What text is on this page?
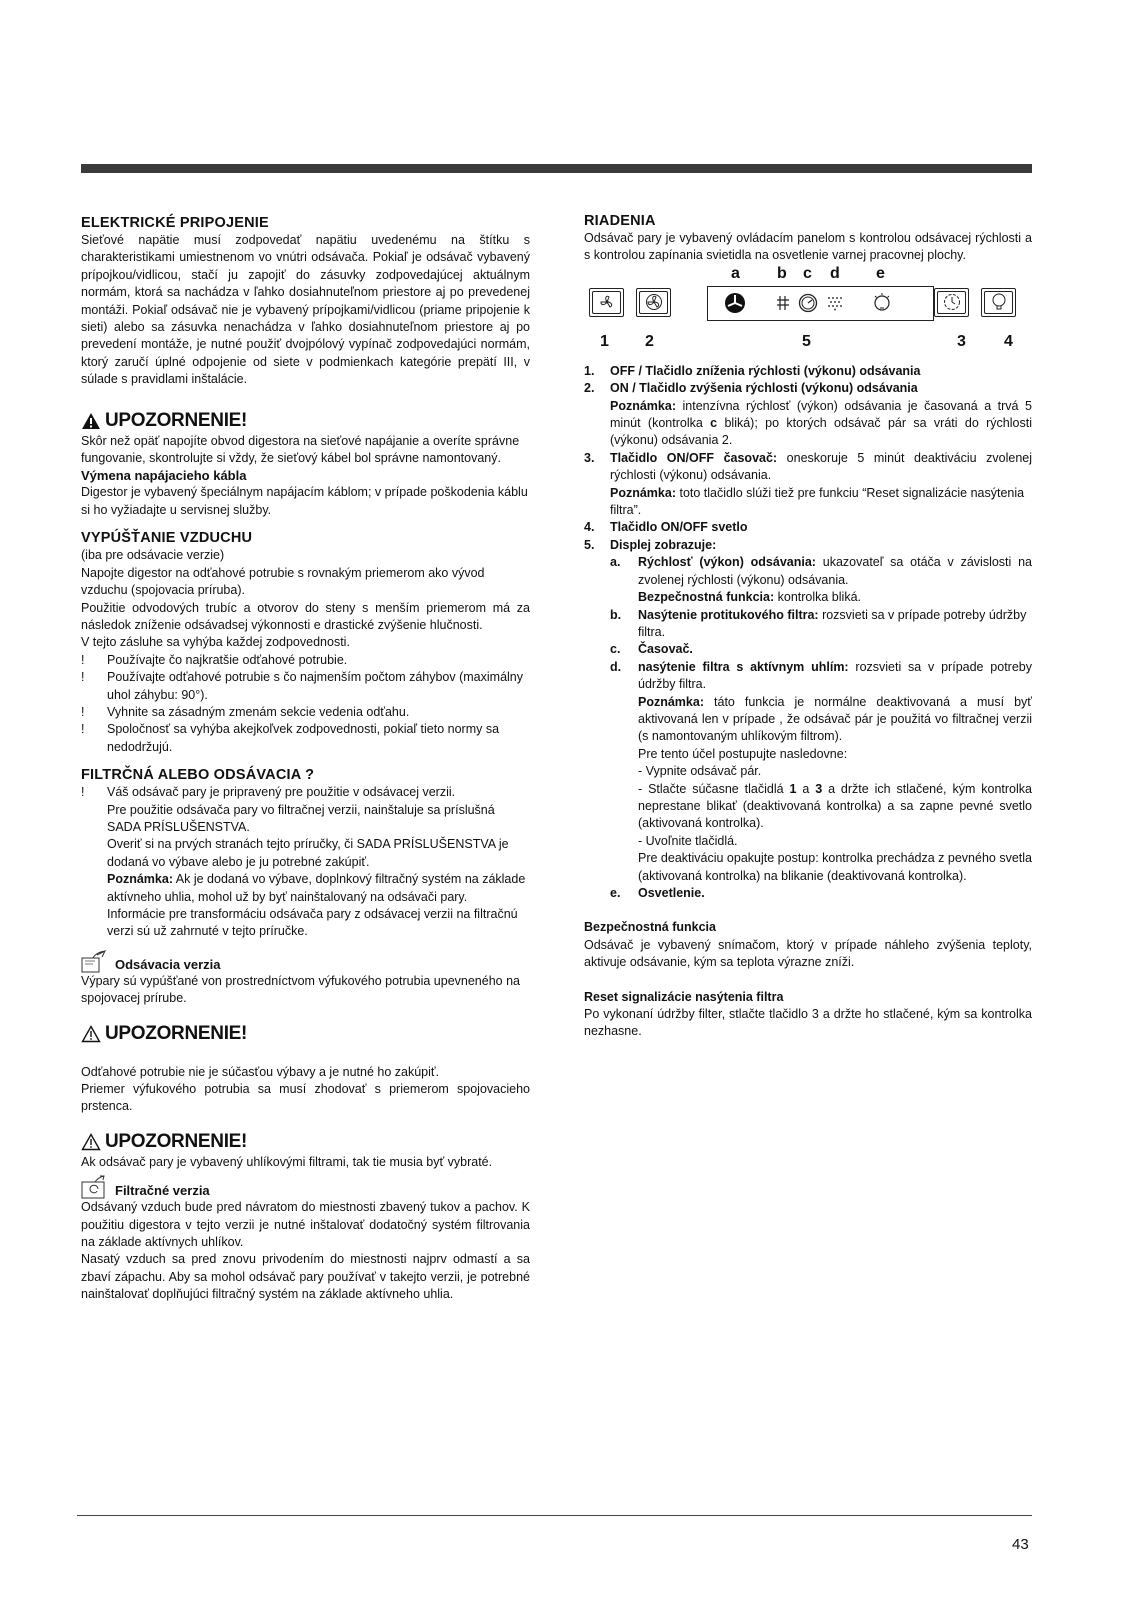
ELEKTRICKÉ PRIPOJENIE

Sieťové napätie musí zodpovedať napätiu uvedenému na štítku s charakteristikami umiestnenom vo vnútri odsávača. Pokiaľ je odsávač vybavený prípojkou/vidlicou, stačí ju zapojiť do zásuvky zodpovedajúcej aktuálnym normám, ktorá sa nachádza v ľahko dosiahnuteľnom priestore aj po prevedenej montáži. Pokiaľ odsávač nie je vybavený prípojkami/vidlicou (priame pripojenie k sieti) alebo sa zásuvka nenachádza v ľahko dosiahnuteľnom priestore aj po prevedení montáže, je nutné použiť dvojpólový vypínač zodpovedajúci normám, ktorý zaručí úplné odpojenie od siete v podmienkach kategórie prepätí III, v súlade s pravidlami inštalácie.

UPOZORNENIE!

Skôr než opäť napojíte obvod digestora na sieťové napájanie a overíte správne fungovanie, skontrolujte si vždy, že sieťový kábel bol správne namontovaný.

Výmena napájacieho kábla

Digestor je vybavený špeciálnym napájacím káblom; v prípade poškodenia káblu si ho vyžiadajte u servisnej služby.

VYPÚŠŤANIE VZDUCHU

(iba pre odsávacie verzie)

Napojte digestor na odťahové potrubie s rovnakým priemerom ako vývod vzduchu (spojovacia príruba).

Použitie odvodových trubíc a otvorov do steny s menším priemerom má za následok zníženie odsávadsej výkonnosti e drastické zvýšenie hlučnosti.

V tejto zásluhe sa vyhýba každej zodpovednosti.

!	Používajte čo najkratšie odťahové potrubie.
!	Používajte odťahové potrubie s čo najmenším počtom záhybov (maximálny uhol záhybu: 90°).
!	Vyhnite sa zásadným zmenám sekcie vedenia odťahu.
!	Spoločnosť sa vyhýba akejkoľvek zodpovednosti, pokiaľ tieto normy sa nedodržujú.
FILTRČNÁ ALEBO ODSÁVACIA ?
!	Váš odsávač pary je pripravený pre použitie v odsávacej verzii.
Pre použitie odsávača pary vo filtračnej verzii, nainštaluje sa príslušná SADA PRÍSLUŠENSTVA.
Overiť si na prvých stranách tejto príručky, či SADA PRÍSLUŠENSTVA je dodaná vo výbave alebo je ju potrebné zakúpiť.
Poznámka: Ak je dodaná vo výbave, doplnkový filtračný systém na základe aktívneho uhlia, mohol už by byť nainštalovaný na odsávači pary.
Informácie pre transformáciu odsávača pary z odsávacej verzii na filtračnú verzi sú už zahrnuté v tejto príručke.
Odsávacia verzia

Výpary sú vypúšťané von prostredníctvom výfukového potrubia upevneného na spojovacej prírube.

UPOZORNENIE!

Odťahové potrubie nie je súčasťou výbavy a je nutné ho zakúpiť.

Priemer výfukového potrubia sa musí zhodovať s priemerom spojovacieho prstenca.

UPOZORNENIE!

Ak odsávač pary je vybavený uhlíkovými filtrami, tak tie musia byť vybraté.

Filtračné verzia

Odsávaný vzduch bude pred návratom do miestnosti zbavený tukov a pachov. K použitiu digestora v tejto verzii je nutné inštalovať dodatočný systém filtrovania na základe aktívnych uhlíkov.

Nasatý vzduch sa pred znovu privodením do miestnosti najprv odmastí a sa zbaví zápachu. Aby sa mohol odsávač pary používať v takejto verzii, je potrebné nainštalovať doplňujúci filtračný systém na základe aktívneho uhlia.

RIADENIA

Odsávač pary je vybavený ovládacím panelom s kontrolou odsávacej rýchlosti a s kontrolou zapínania svietidla na osvetlenie varnej pracovnej plochy.

a b c d e
1 2	5	3 4
1.	OFF / Tlačidlo zníženia rýchlosti (výkonu) odsávania
2.	ON / Tlačidlo zvýšenia rýchlosti (výkonu) odsávania

Poznámka: intenzívna rýchlosť (výkon) odsávania je časovaná a trvá 5 minút (kontrolka c bliká); po ktorých odsávač pár sa vráti do rýchlosti (výkonu) odsávania 2.

3.	Tlačidlo ON/OFF časovač: oneskoruje 5 minút deaktiváciu zvolenej rýchlosti (výkonu) odsávania.

Poznámka: toto tlačidlo slúži tiež pre funkciu “Reset signalizácie nasýtenia filtra”.

4.	Tlačidlo ON/OFF svetlo
5.	Displej zobrazuje:
a.	Rýchlosť (výkon) odsávania: ukazovateľ sa otáča v závislosti na zvolenej rýchlosti (výkonu) odsávania.
Bezpečnostná funkcia: kontrolka bliká.
b.	Nasýtenie protitukového filtra: rozsvieti sa v prípade potreby údržby filtra.
c.	Časovač.
d.	nasýtenie filtra s aktívnym uhlím: rozsvieti sa v prípade potreby údržby filtra.
Poznámka: táto funkcia je normálne deaktivovaná a musí byť aktivovaná len v prípade , že odsávač pár je použitá vo filtračnej verzii (s namontovaným uhlíkovým filtrom).
Pre tento účel postupujte nasledovne:
- Vypnite odsávač pár.
- Stlačte súčasne tlačidlá 1 a 3 a držte ich stlačené, kým kontrolka neprestane blikať (deaktivovaná kontrolka) a sa zapne pevné svetlo (aktivovaná kontrolka).
- Uvoľnite tlačidlá.
Pre deaktiváciu opakujte postup: kontrolka prechádza z pevného svetla (aktivovaná kontrolka) na blikanie (deaktivovaná kontrolka).
e.	Osvetlenie.

Bezpečnostná funkcia

Odsávač je vybavený snímačom, ktorý v prípade náhleho zvýšenia teploty, aktivuje odsávanie, kým sa teplota výrazne zníži.

Reset signalizácie nasýtenia filtra

Po vykonaní údržby filter, stlačte tlačidlo 3 a držte ho stlačené, kým sa kontrolka nezhasne.

43
